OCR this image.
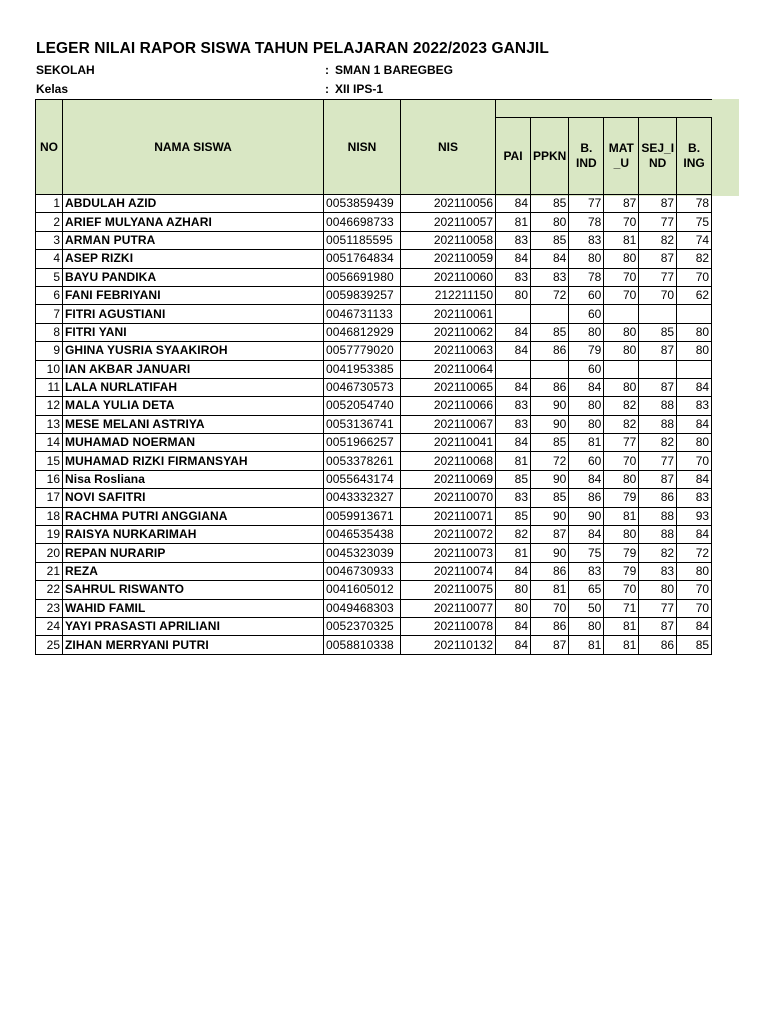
LEGER NILAI RAPOR SISWA TAHUN PELAJARAN 2022/2023 GANJIL
SEKOLAH	: SMAN 1 BAREGBEG
Kelas	: XII IPS-1
NO	NAMA SISWA	NISN	NIS						
				PAI	PPKN	B. IND	MAT _U	SEJ_I ND	B. ING
1	ABDULAH AZID	0053859439	202110056	84	85	77	87	87	78
2	ARIEF MULYANA AZHARI	0046698733	202110057	81	80	78	70	77	75
3	ARMAN PUTRA	0051185595	202110058	83	85	83	81	82	74
4	ASEP RIZKI	0051764834	202110059	84	84	80	80	87	82
5	BAYU PANDIKA	0056691980	202110060	83	83	78	70	77	70
6	FANI FEBRIYANI	0059839257	212211150	80	72	60	70	70	62
7	FITRI AGUSTIANI	0046731133	202110061			60			
8	FITRI YANI	0046812929	202110062	84	85	80	80	85	80
9	GHINA YUSRIA SYAAKIROH	0057779020	202110063	84	86	79	80	87	80
10	IAN AKBAR JANUARI	0041953385	202110064			60			
11	LALA NURLATIFAH	0046730573	202110065	84	86	84	80	87	84
12	MALA YULIA DETA	0052054740	202110066	83	90	80	82	88	83
13	MESE MELANI ASTRIYA	0053136741	202110067	83	90	80	82	88	84
14	MUHAMAD NOERMAN	0051966257	202110041	84	85	81	77	82	80
15	MUHAMAD RIZKI FIRMANSYAH	0053378261	202110068	81	72	60	70	77	70
16	Nisa Rosliana	0055643174	202110069	85	90	84	80	87	84
17	NOVI SAFITRI	0043332327	202110070	83	85	86	79	86	83
18	RACHMA PUTRI ANGGIANA	0059913671	202110071	85	90	90	81	88	93
19	RAISYA NURKARIMAH	0046535438	202110072	82	87	84	80	88	84
20	REPAN NURARIP	0045323039	202110073	81	90	75	79	82	72
21	REZA	0046730933	202110074	84	86	83	79	83	80
22	SAHRUL RISWANTO	0041605012	202110075	80	81	65	70	80	70
23	WAHID FAMIL	0049468303	202110077	80	70	50	71	77	70
24	YAYI PRASASTI APRILIANI	0052370325	202110078	84	86	80	81	87	84
25	ZIHAN MERRYANI PUTRI	0058810338	202110132	84	87	81	81	86	85
